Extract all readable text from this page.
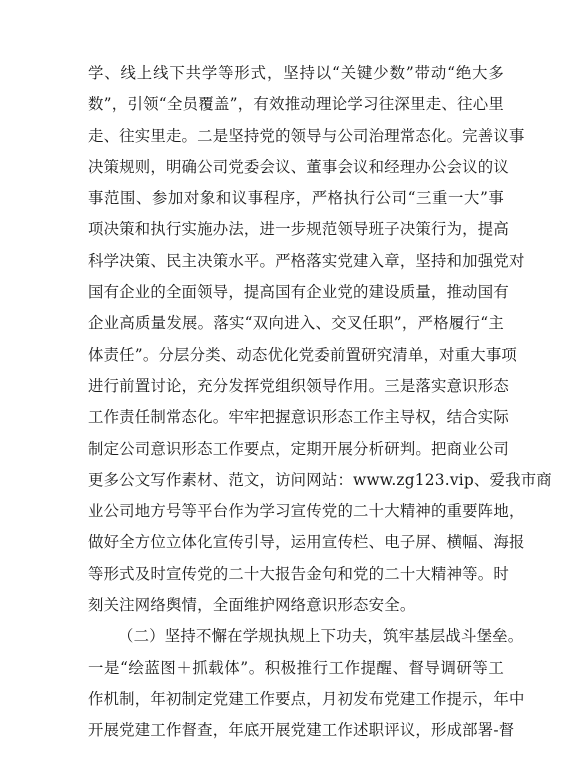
学、线上线下共学等形式，坚持以“关键少数”带动“绝大多
数”，引领“全员覆盖”，有效推动理论学习往深里走、往心里
走、往实里走。二是坚持党的领导与公司治理常态化。完善议事
决策规则，明确公司党委会议、董事会议和经理办公会议的议
事范围、参加对象和议事程序，严格执行公司“三重一大”事
项决策和执行实施办法，进一步规范领导班子决策行为，提高
科学决策、民主决策水平。严格落实党建入章，坚持和加强党对
国有企业的全面领导，提高国有企业党的建设质量，推动国有
企业高质量发展。落实“双向进入、交叉任职”，严格履行“主
体责任”。分层分类、动态优化党委前置研究清单，对重大事项
进行前置讨论，充分发挥党组织领导作用。三是落实意识形态
工作责任制常态化。牢牢把握意识形态工作主导权，结合实际
制定公司意识形态工作要点，定期开展分析研判。把商业公司
更多公文写作素材、范文，访问网站：www.zg123.vip、爱我市商
业公司地方号等平台作为学习宣传党的二十大精神的重要阵地，
做好全方位立体化宣传引导，运用宣传栏、电子屏、横幅、海报
等形式及时宣传党的二十大报告金句和党的二十大精神等。时
刻关注网络舆情，全面维护网络意识形态安全。
（二）坚持不懈在学规执规上下功夫，筑牢基层战斗堡垒。
一是“绘蓝图＋抓载体”。积极推行工作提醒、督导调研等工
作机制，年初制定党建工作要点，月初发布党建工作提示，年中
开展党建工作督查，年底开展党建工作述职评议，形成部署-督
